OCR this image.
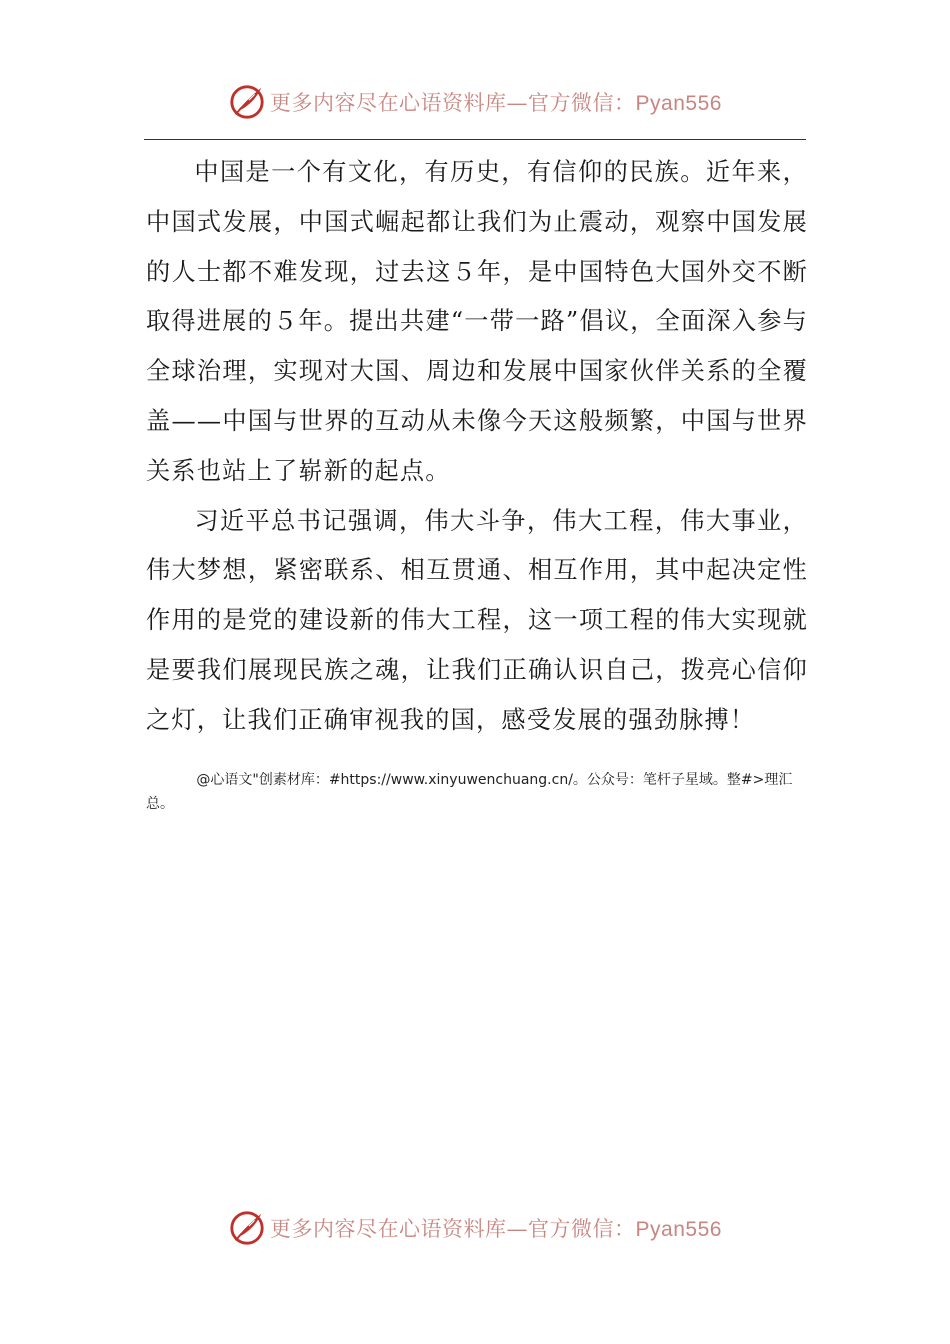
更多内容尽在心语资料库—官方微信：Pyan556

中国是一个有文化，有历史，有信仰的民族。近年来，中国式发展，中国式崛起都让我们为止震动，观察中国发展的人士都不难发现，过去这５年，是中国特色大国外交不断取得进展的５年。提出共建“一带一路”倡议，全面深入参与全球治理，实现对大国、周边和发展中国家伙伴关系的全覆盖——中国与世界的互动从未像今天这般频繁，中国与世界关系也站上了崭新的起点。

习近平总书记强调，伟大斗争，伟大工程，伟大事业，伟大梦想，紧密联系、相互贯通、相互作用，其中起决定性作用的是党的建设新的伟大工程，这一项工程的伟大实现就是要我们展现民族之魂，让我们正确认识自己，拨亮心信仰之灯，让我们正确审视我的国，感受发展的强劲脉搏！

@心语文"创素材库：#https://www.xinyuwenchuang.cn/。公众号：笔杆子星域。整#>理汇总。
更多内容尽在心语资料库—官方微信：Pyan556
